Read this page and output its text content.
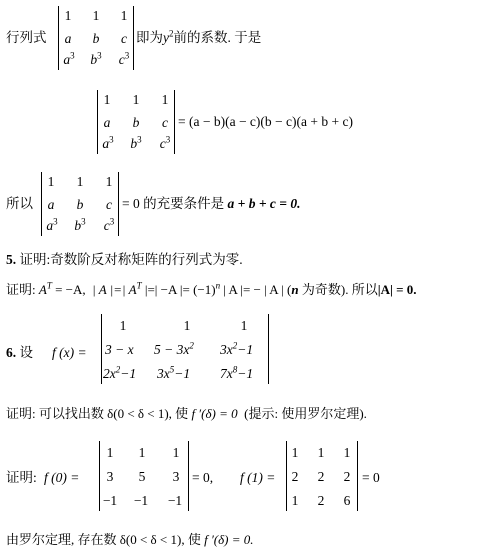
行列式
1 1 1
a b c
$a^3$	$b^3$	$c^3$
即为$y^2$前的系数. 于是
1 1 1
a b c
$a^3$	$b^3$	$c^3$
= (a − b)(a − c)(b − c)(a + b + c)
所以
1 1 1
a b c
$a^3$	$b^3$	$c^3$
= 0 的充要条件是 a + b + c = 0.
5. 证明:奇数阶反对称矩阵的行列式为零.
证明: $A^T = -A$, | A |=| $A^T$ |=| −A |= $(-1)^n$ | A |= − | A | (n 为奇数). 所以|A| = 0.
6. 设 f (x) =
1	1	1
3 − x	$5 - 3x^2$	$3x^2-1$
$2x^2-1$	$3x^5-1$	$7x^8-1$
证明: 可以找出数 δ(0 < δ < 1), 使 f ′(δ) = 0 (提示: 使用罗尔定理).
证明: f (0) =
1 1 1
3 5 3
−1 −1 −1
= 0, f (1) =
1 1 1
2 2 2
1 2 6
= 0
由罗尔定理, 存在数 δ(0 < δ < 1), 使 f ′(δ) = 0.
